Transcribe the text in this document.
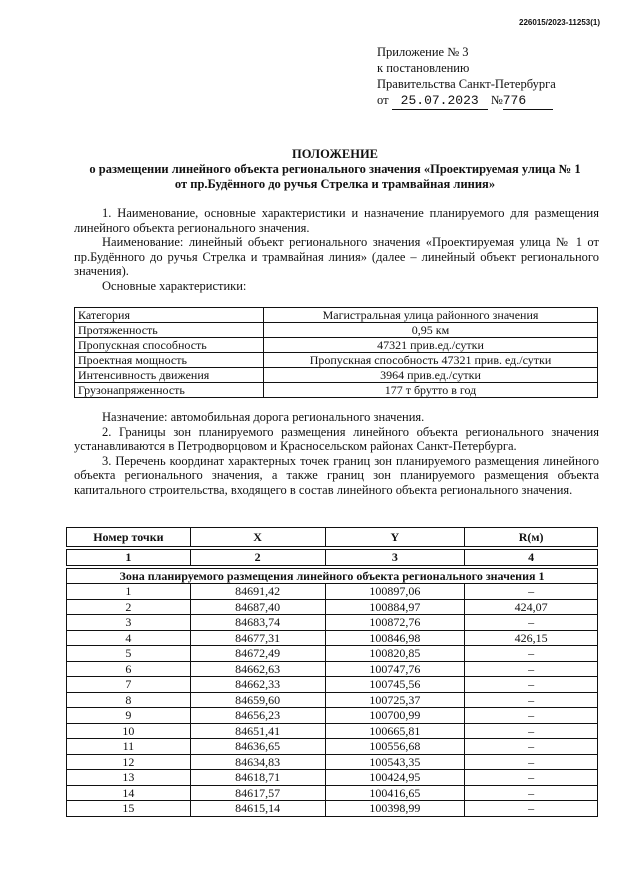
226015/2023-11253(1)
Приложение № 3
к постановлению
Правительства Санкт-Петербурга
от 25.07.2023 №776
ПОЛОЖЕНИЕ
о размещении линейного объекта регионального значения «Проектируемая улица № 1
от пр.Будённого до ручья Стрелка и трамвайная линия»

1. Наименование, основные характеристики и назначение планируемого для размещения линейного объекта регионального значения.

Наименование: линейный объект регионального значения «Проектируемая улица № 1 от пр.Будённого до ручья Стрелка и трамвайная линия» (далее – линейный объект регионального значения).

Основные характеристики:

Категория	Магистральная улица районного значения
Протяженность	0,95 км
Пропускная способность	47321 прив.ед./сутки
Проектная мощность	Пропускная способность 47321 прив. ед./сутки
Интенсивность движения	3964 прив.ед./сутки
Грузонапряженность	177 т брутто в год

Назначение: автомобильная дорога регионального значения.

2. Границы зон планируемого размещения линейного объекта регионального значения устанавливаются в Петродворцовом и Красносельском районах Санкт-Петербурга.

3. Перечень координат характерных точек границ зон планируемого размещения линейного объекта регионального значения, а также границ зон планируемого размещения объекта капитального строительства, входящего в состав линейного объекта регионального значения.

Номер точки	X	Y	R(м)

1	2	3	4

Зона планируемого размещения линейного объекта регионального значения 1			
1	84691,42	100897,06	–
2	84687,40	100884,97	424,07
3	84683,74	100872,76	–
4	84677,31	100846,98	426,15
5	84672,49	100820,85	–
6	84662,63	100747,76	–
7	84662,33	100745,56	–
8	84659,60	100725,37	–
9	84656,23	100700,99	–
10	84651,41	100665,81	–
11	84636,65	100556,68	–
12	84634,83	100543,35	–
13	84618,71	100424,95	–
14	84617,57	100416,65	–
15	84615,14	100398,99	–
